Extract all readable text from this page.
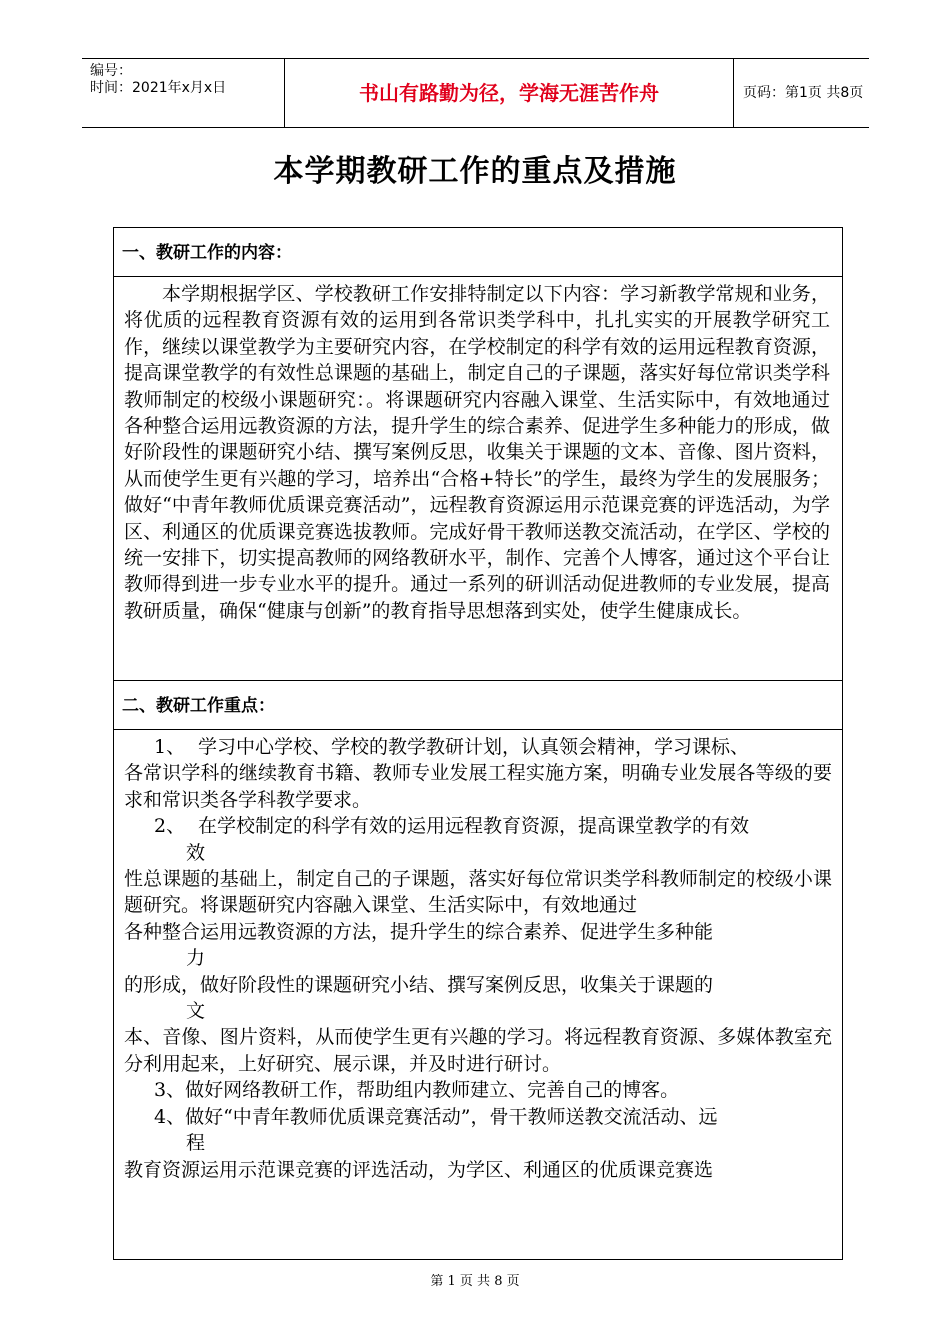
编号：
时间：2021年x月x日	书山有路勤为径，学海无涯苦作舟	页码：第1页 共8页
本学期教研工作的重点及措施
一、教研工作的内容：
本学期根据学区、学校教研工作安排特制定以下内容：学习新教学常规和业务，将优质的远程教育资源有效的运用到各常识类学科中，扎扎实实的开展教学研究工作，继续以课堂教学为主要研究内容，在学校制定的科学有效的运用远程教育资源，提高课堂教学的有效性总课题的基础上，制定自己的子课题，落实好每位常识类学科教师制定的校级小课题研究：。将课题研究内容融入课堂、生活实际中，有效地通过各种整合运用远教资源的方法，提升学生的综合素养、促进学生多种能力的形成，做好阶段性的课题研究小结、撰写案例反思，收集关于课题的文本、音像、图片资料，从而使学生更有兴趣的学习，培养出“合格+特长”的学生，最终为学生的发展服务；做好“中青年教师优质课竞赛活动”，远程教育资源运用示范课竞赛的评选活动，为学区、利通区的优质课竞赛选拔教师。完成好骨干教师送教交流活动，在学区、学校的统一安排下，切实提高教师的网络教研水平，制作、完善个人博客，通过这个平台让教师得到进一步专业水平的提升。通过一系列的研训活动促进教师的专业发展，提高教研质量，确保“健康与创新”的教育指导思想落到实处，使学生健康成长。
二、教研工作重点：
1、 学习中心学校、学校的教学教研计划，认真领会精神，学习课标、

各常识学科的继续教育书籍、教师专业发展工程实施方案，明确专业发展各等级的要求和常识类各学科教学要求。

2、 在学校制定的科学有效的运用远程教育资源，提高课堂教学的有效

效

性总课题的基础上，制定自己的子课题，落实好每位常识类学科教师制定的校级小课题研究。将课题研究内容融入课堂、生活实际中，有效地通过

各种整合运用远教资源的方法，提升学生的综合素养、促进学生多种能

力

的形成，做好阶段性的课题研究小结、撰写案例反思，收集关于课题的

文

本、音像、图片资料，从而使学生更有兴趣的学习。将远程教育资源、多媒体教室充分利用起来，上好研究、展示课，并及时进行研讨。

3、做好网络教研工作，帮助组内教师建立、完善自己的博客。

4、做好“中青年教师优质课竞赛活动”，骨干教师送教交流活动、远

程

教育资源运用示范课竞赛的评选活动，为学区、利通区的优质课竞赛选

第 1 页 共 8 页
